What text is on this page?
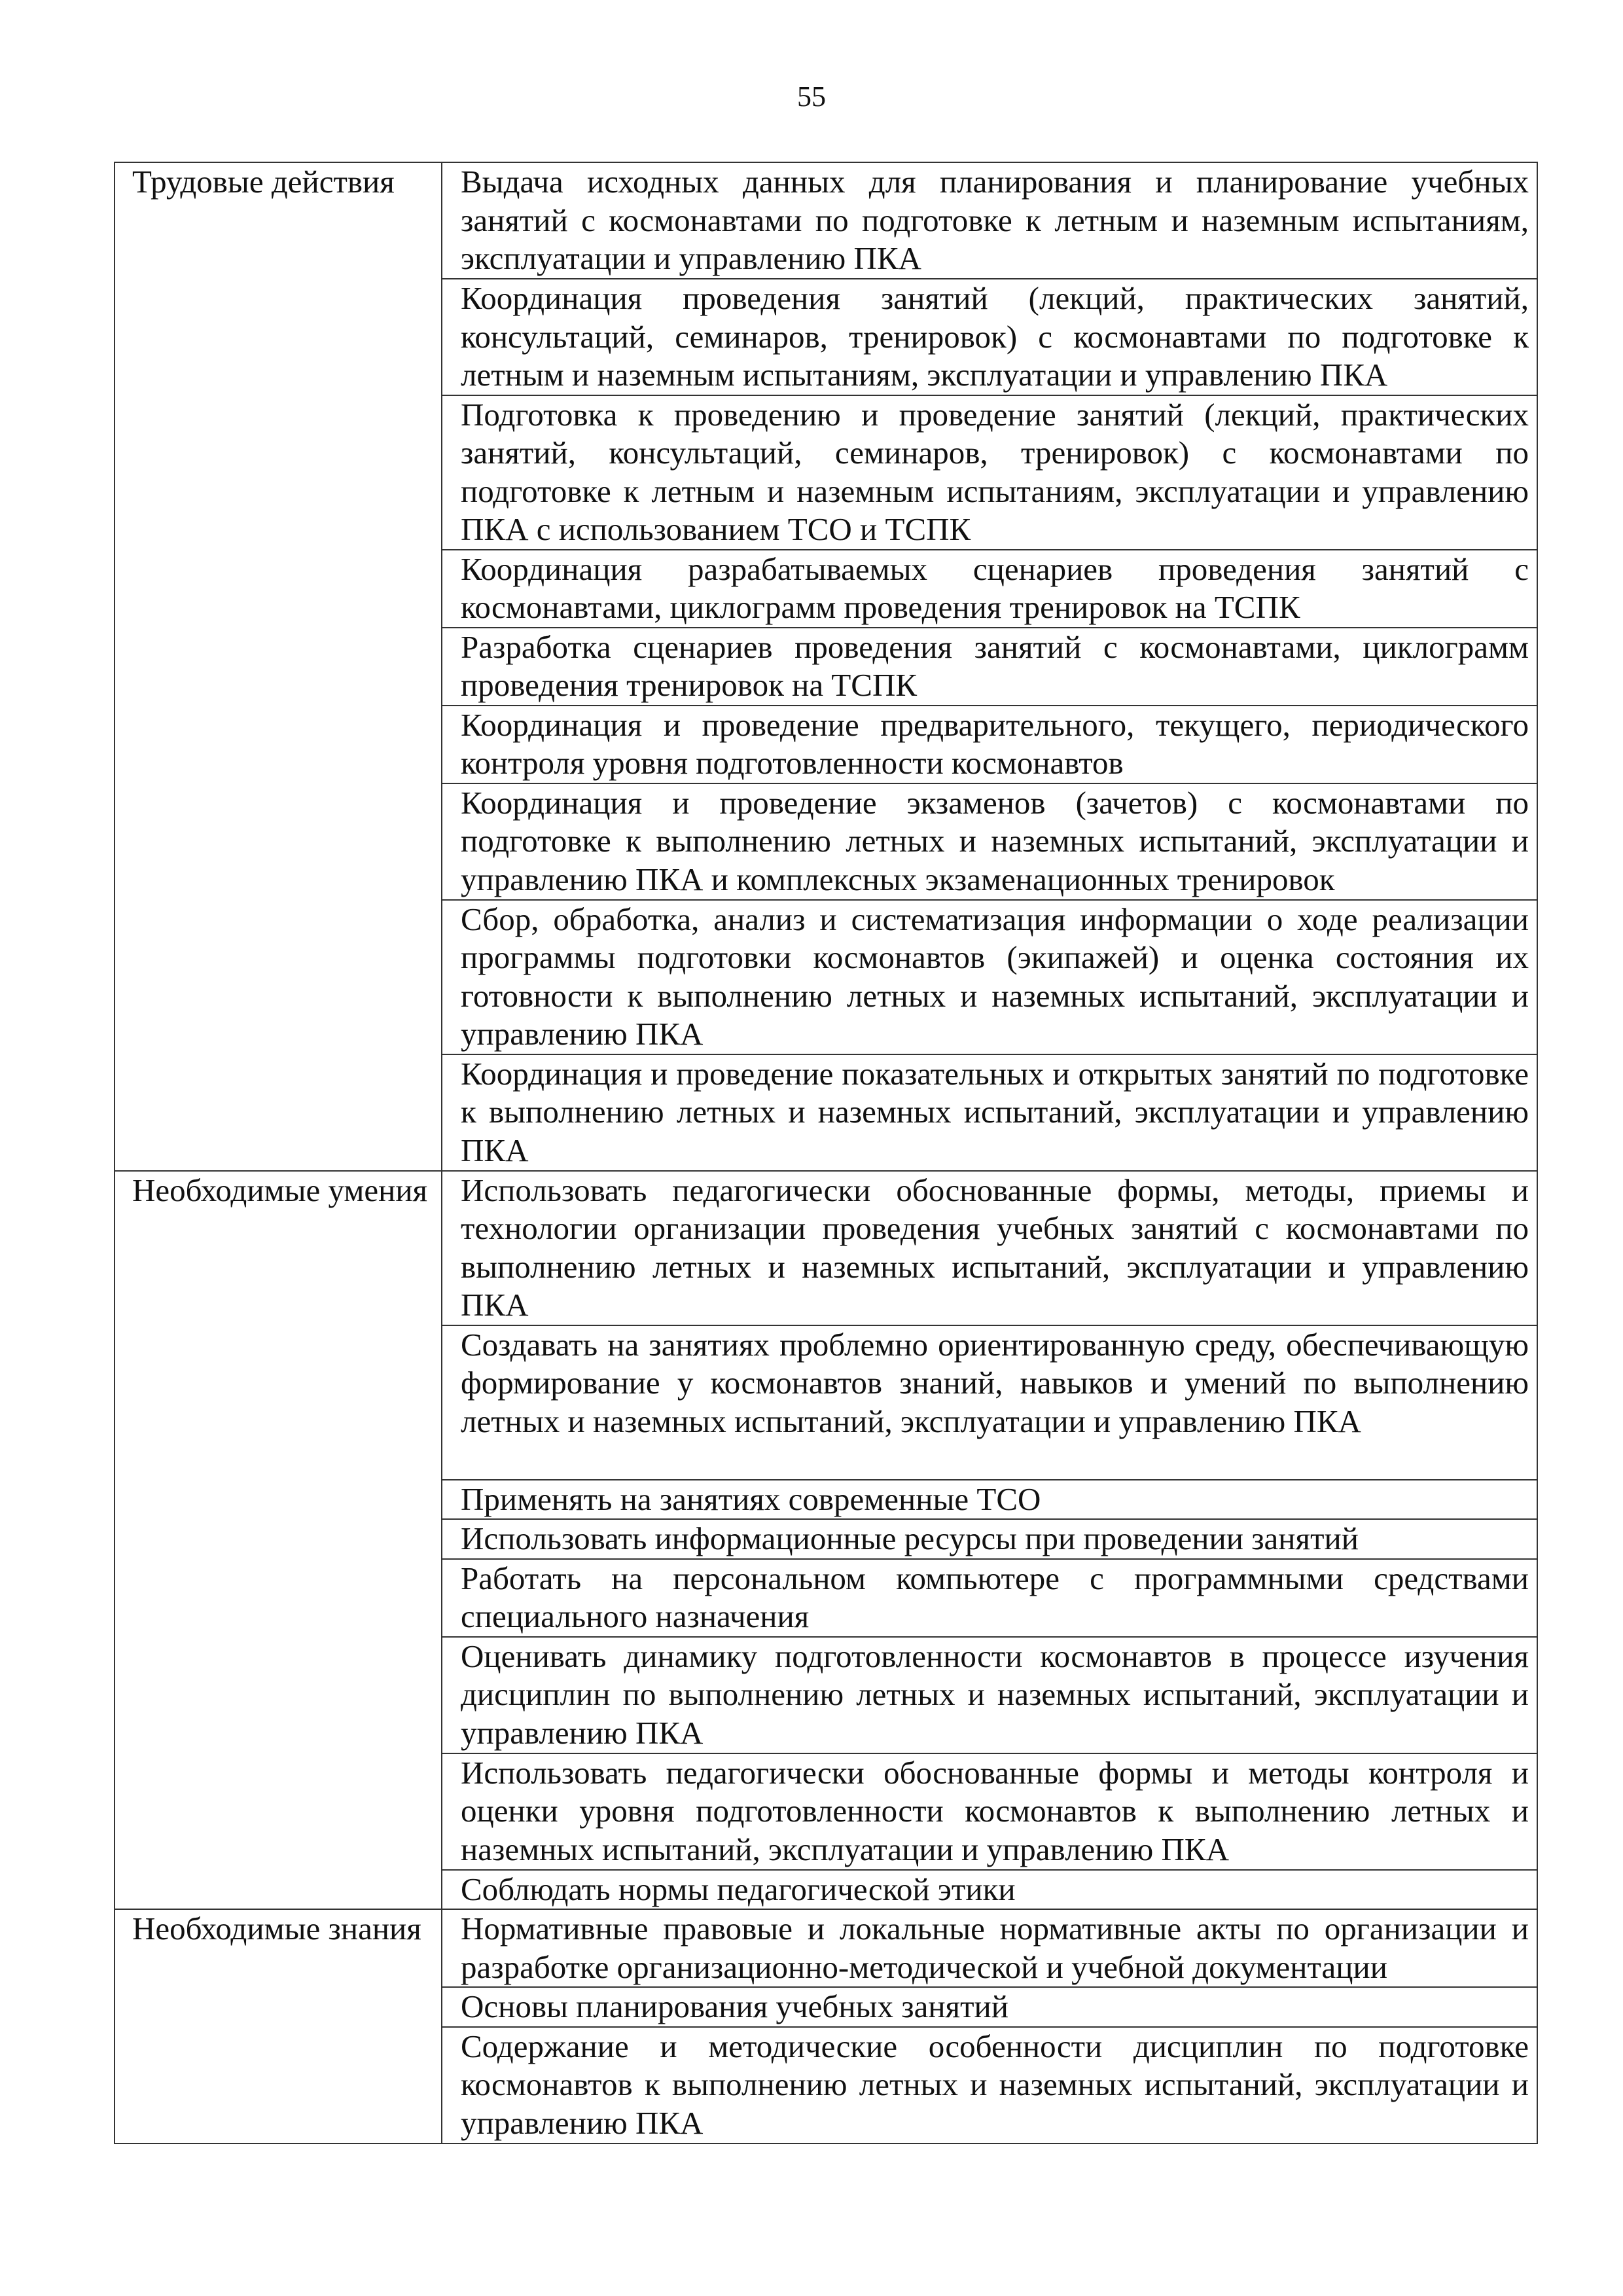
55
Трудовые действия	Выдача исходных данных для планирования и планирование учебных занятий с космонавтами по подготовке к летным и наземным испытаниям, эксплуатации и управлению ПКА
	Координация проведения занятий (лекций, практических занятий, консультаций, семинаров, тренировок) с космонавтами по подготовке к летным и наземным испытаниям, эксплуатации и управлению ПКА
	Подготовка к проведению и проведение занятий (лекций, практических занятий, консультаций, семинаров, тренировок) с космонавтами по подготовке к летным и наземным испытаниям, эксплуатации и управлению ПКА с использованием ТСО и ТСПК
	Координация разрабатываемых сценариев проведения занятий с космонавтами, циклограмм проведения тренировок на ТСПК
	Разработка сценариев проведения занятий с космонавтами, циклограмм проведения тренировок на ТСПК
	Координация и проведение предварительного, текущего, периодического контроля уровня подготовленности космонавтов
	Координация и проведение экзаменов (зачетов) с космонавтами по подготовке к выполнению летных и наземных испытаний, эксплуатации и управлению ПКА и комплексных экзаменационных тренировок
	Сбор, обработка, анализ и систематизация информации о ходе реализации программы подготовки космонавтов (экипажей) и оценка состояния их готовности к выполнению летных и наземных испытаний, эксплуатации и управлению ПКА
	Координация и проведение показательных и открытых занятий по подготовке к выполнению летных и наземных испытаний, эксплуатации и управлению ПКА
Необходимые умения	Использовать педагогически обоснованные формы, методы, приемы и технологии организации проведения учебных занятий с космонавтами по выполнению летных и наземных испытаний, эксплуатации и управлению ПКА
	Создавать на занятиях проблемно ориентированную среду, обеспечивающую формирование у космонавтов знаний, навыков и умений по выполнению летных и наземных испытаний, эксплуатации и управлению ПКА
	Применять на занятиях современные ТСО
	Использовать информационные ресурсы при проведении занятий
	Работать на персональном компьютере с программными средствами специального назначения
	Оценивать динамику подготовленности космонавтов в процессе изучения дисциплин по выполнению летных и наземных испытаний, эксплуатации и управлению ПКА
	Использовать педагогически обоснованные формы и методы контроля и оценки уровня подготовленности космонавтов к выполнению летных и наземных испытаний, эксплуатации и управлению ПКА
	Соблюдать нормы педагогической этики
Необходимые знания	Нормативные правовые и локальные нормативные акты по организации и разработке организационно-методической и учебной документации
	Основы планирования учебных занятий
	Содержание и методические особенности дисциплин по подготовке космонавтов к выполнению летных и наземных испытаний, эксплуатации и управлению ПКА
